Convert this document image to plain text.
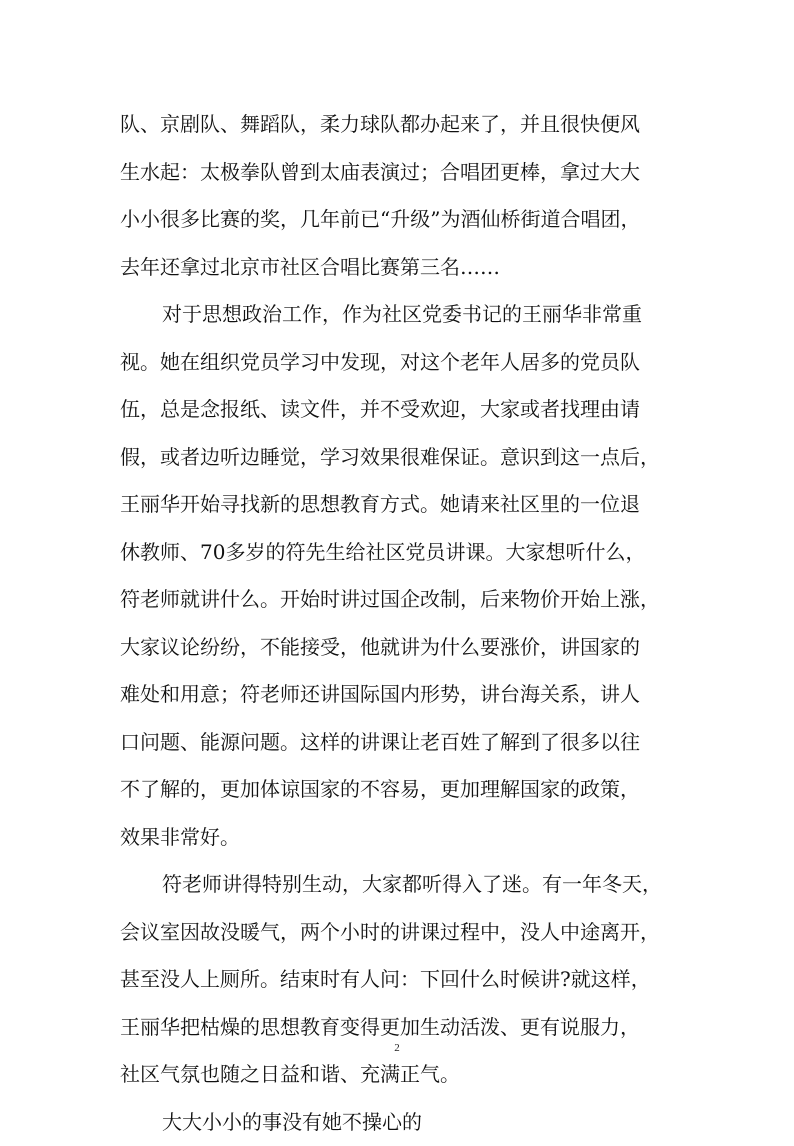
队、京剧队、舞蹈队，柔力球队都办起来了，并且很快便风
生水起：太极拳队曾到太庙表演过；合唱团更棒，拿过大大
小小很多比赛的奖，几年前已“升级”为酒仙桥街道合唱团，
去年还拿过北京市社区合唱比赛第三名……
对于思想政治工作，作为社区党委书记的王丽华非常重
视。她在组织党员学习中发现，对这个老年人居多的党员队
伍，总是念报纸、读文件，并不受欢迎，大家或者找理由请
假，或者边听边睡觉，学习效果很难保证。意识到这一点后，
王丽华开始寻找新的思想教育方式。她请来社区里的一位退
休教师、70多岁的符先生给社区党员讲课。大家想听什么，
符老师就讲什么。开始时讲过国企改制，后来物价开始上涨，
大家议论纷纷，不能接受，他就讲为什么要涨价，讲国家的
难处和用意；符老师还讲国际国内形势，讲台海关系，讲人
口问题、能源问题。这样的讲课让老百姓了解到了很多以往
不了解的，更加体谅国家的不容易，更加理解国家的政策，
效果非常好。
符老师讲得特别生动，大家都听得入了迷。有一年冬天，
会议室因故没暖气，两个小时的讲课过程中，没人中途离开，
甚至没人上厕所。结束时有人问：下回什么时候讲?就这样，
王丽华把枯燥的思想教育变得更加生动活泼、更有说服力，
社区气氛也随之日益和谐、充满正气。
大大小小的事没有她不操心的
2
